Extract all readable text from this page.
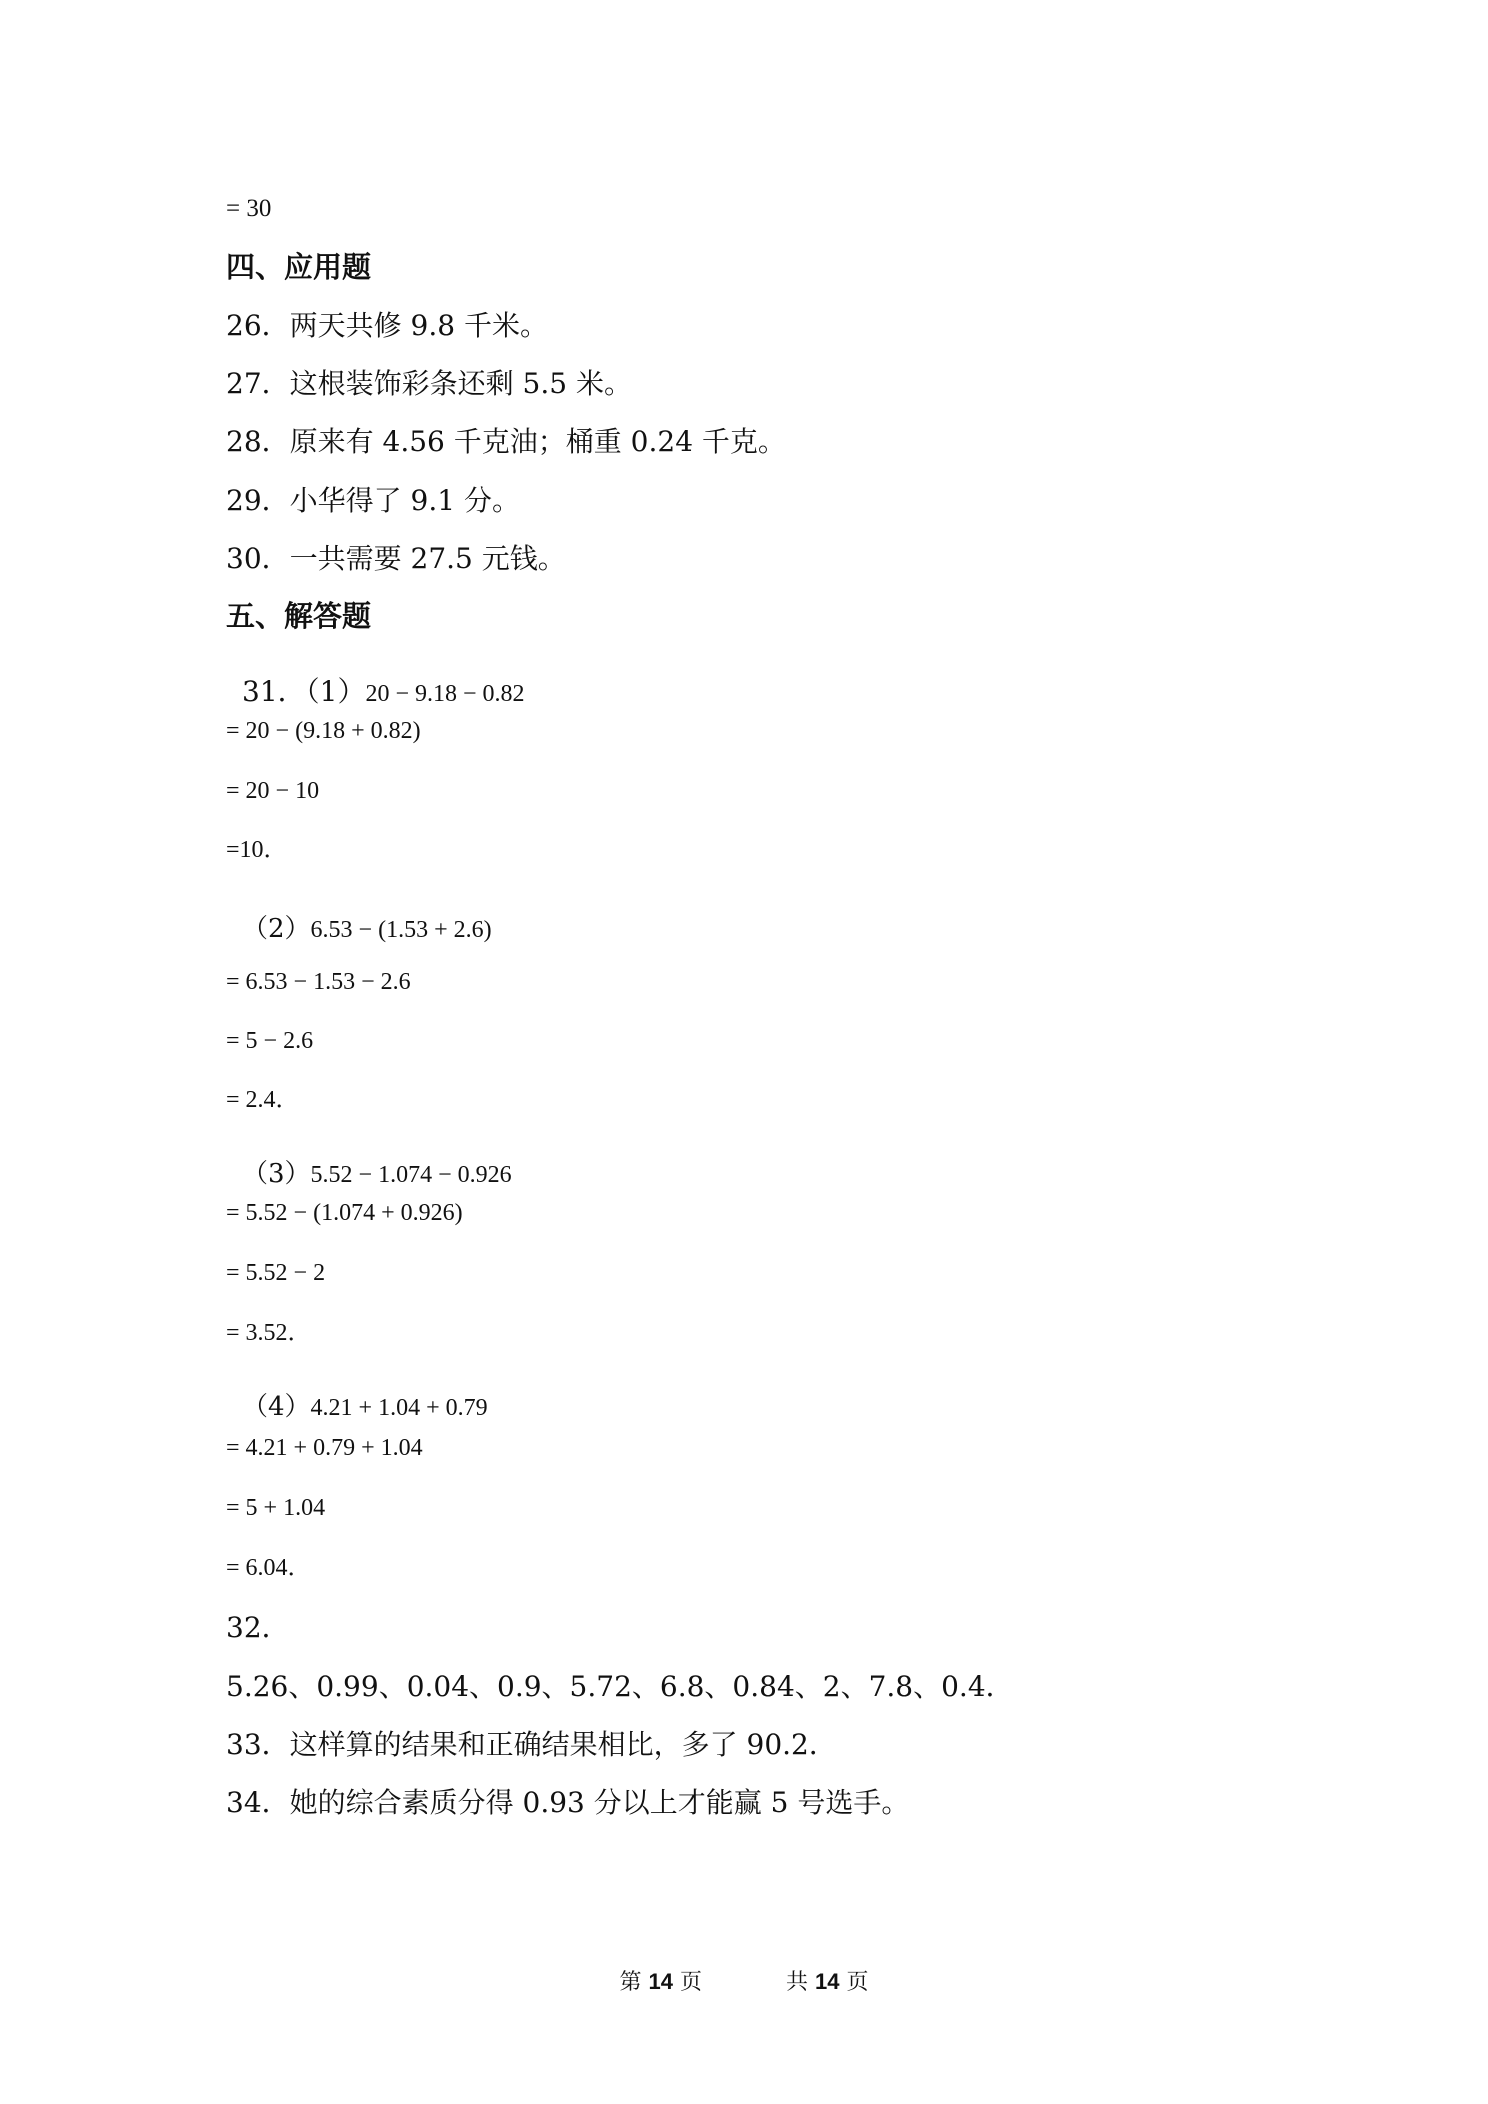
= 30
四、应用题
26．两天共修 9.8 千米。
27．这根装饰彩条还剩 5.5 米。
28．原来有 4.56 千克油；桶重 0.24 千克。
29．小华得了 9.1 分。
30．一共需要 27.5 元钱。
五、解答题

31．（1）20 − 9.18 − 0.82

= 20 − (9.18 + 0.82)
= 20 − 10
=10．

（2）6.53 − (1.53 + 2.6)

= 6.53 − 1.53 − 2.6
= 5 − 2.6
= 2.4．

（3）5.52 − 1.074 − 0.926

= 5.52 − (1.074 + 0.926)
= 5.52 − 2
= 3.52．

（4）4.21 + 1.04 + 0.79

= 4.21 + 0.79 + 1.04
= 5 + 1.04
= 6.04．
32．
5.26、0.99、0.04、0.9、5.72、6.8、0.84、2、7.8、0.4．
33．这样算的结果和正确结果相比，多了 90.2．
34．她的综合素质分得 0.93 分以上才能赢 5 号选手。
第 14 页	共 14 页
